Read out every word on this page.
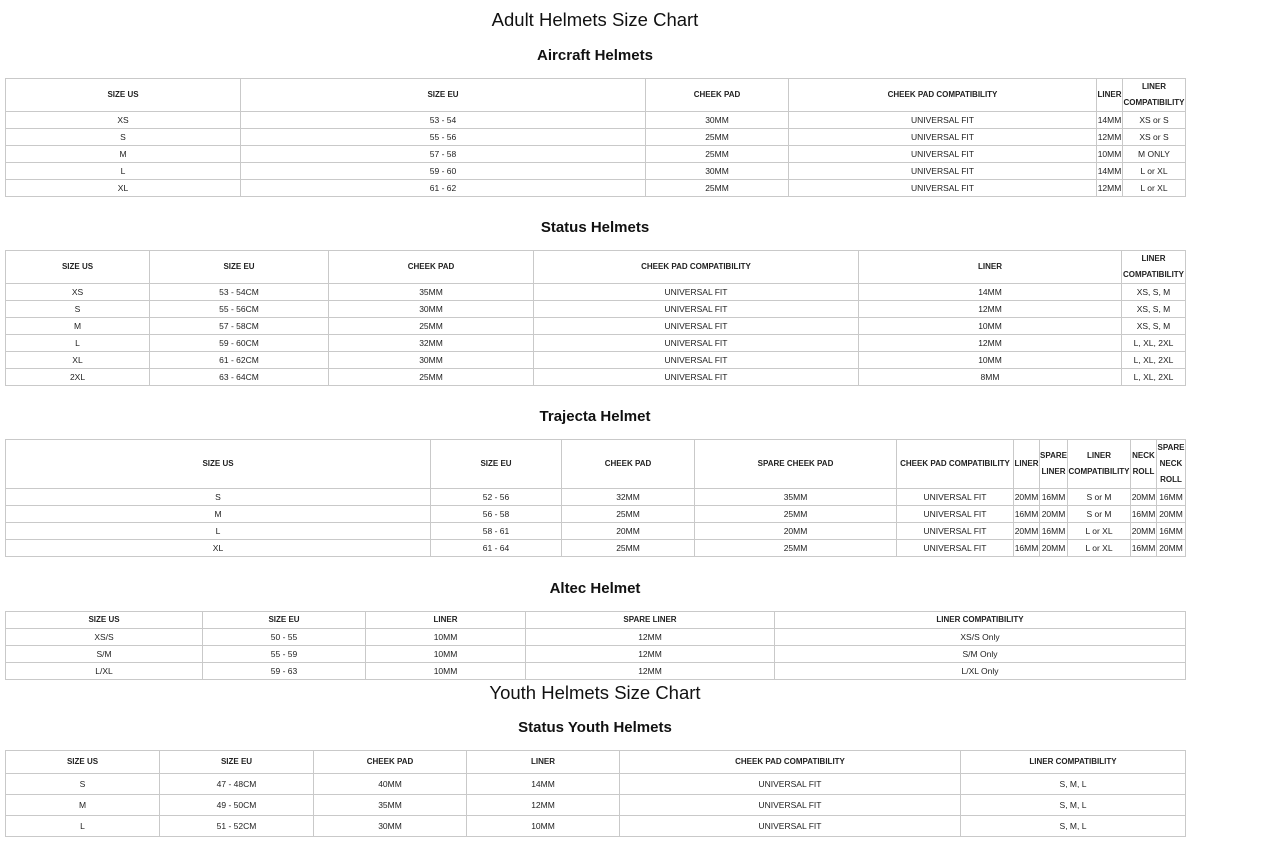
Adult Helmets Size Chart
Aircraft Helmets
SIZE US	SIZE EU	CHEEK PAD	CHEEK PAD COMPATIBILITY	LINER	LINER COMPATIBILITY
XS	53 - 54	30MM	UNIVERSAL FIT	14MM	XS or S
S	55 - 56	25MM	UNIVERSAL FIT	12MM	XS or S
M	57 - 58	25MM	UNIVERSAL FIT	10MM	M ONLY
L	59 - 60	30MM	UNIVERSAL FIT	14MM	L or XL
XL	61 - 62	25MM	UNIVERSAL FIT	12MM	L or XL
Status Helmets
SIZE US	SIZE EU	CHEEK PAD	CHEEK PAD COMPATIBILITY	LINER	LINER COMPATIBILITY
XS	53 - 54CM	35MM	UNIVERSAL FIT	14MM	XS, S, M
S	55 - 56CM	30MM	UNIVERSAL FIT	12MM	XS, S, M
M	57 - 58CM	25MM	UNIVERSAL FIT	10MM	XS, S, M
L	59 - 60CM	32MM	UNIVERSAL FIT	12MM	L, XL, 2XL
XL	61 - 62CM	30MM	UNIVERSAL FIT	10MM	L, XL, 2XL
2XL	63 - 64CM	25MM	UNIVERSAL FIT	8MM	L, XL, 2XL
Trajecta Helmet
SIZE US	SIZE EU	CHEEK PAD	SPARE CHEEK PAD	CHEEK PAD COMPATIBILITY	LINER	SPARE LINER	LINER COMPATIBILITY	NECK ROLL	SPARE NECK ROLL
S	52 - 56	32MM	35MM	UNIVERSAL FIT	20MM	16MM	S or M	20MM	16MM
M	56 - 58	25MM	25MM	UNIVERSAL FIT	16MM	20MM	S or M	16MM	20MM
L	58 - 61	20MM	20MM	UNIVERSAL FIT	20MM	16MM	L or XL	20MM	16MM
XL	61 - 64	25MM	25MM	UNIVERSAL FIT	16MM	20MM	L or XL	16MM	20MM
Altec Helmet
SIZE US	SIZE EU	LINER	SPARE LINER	LINER COMPATIBILITY
XS/S	50 - 55	10MM	12MM	XS/S Only
S/M	55 - 59	10MM	12MM	S/M Only
L/XL	59 - 63	10MM	12MM	L/XL Only
Youth Helmets Size Chart
Status Youth Helmets
SIZE US	SIZE EU	CHEEK PAD	LINER	CHEEK PAD COMPATIBILITY	LINER COMPATIBILITY
S	47 - 48CM	40MM	14MM	UNIVERSAL FIT	S, M, L
M	49 - 50CM	35MM	12MM	UNIVERSAL FIT	S, M, L
L	51 - 52CM	30MM	10MM	UNIVERSAL FIT	S, M, L
